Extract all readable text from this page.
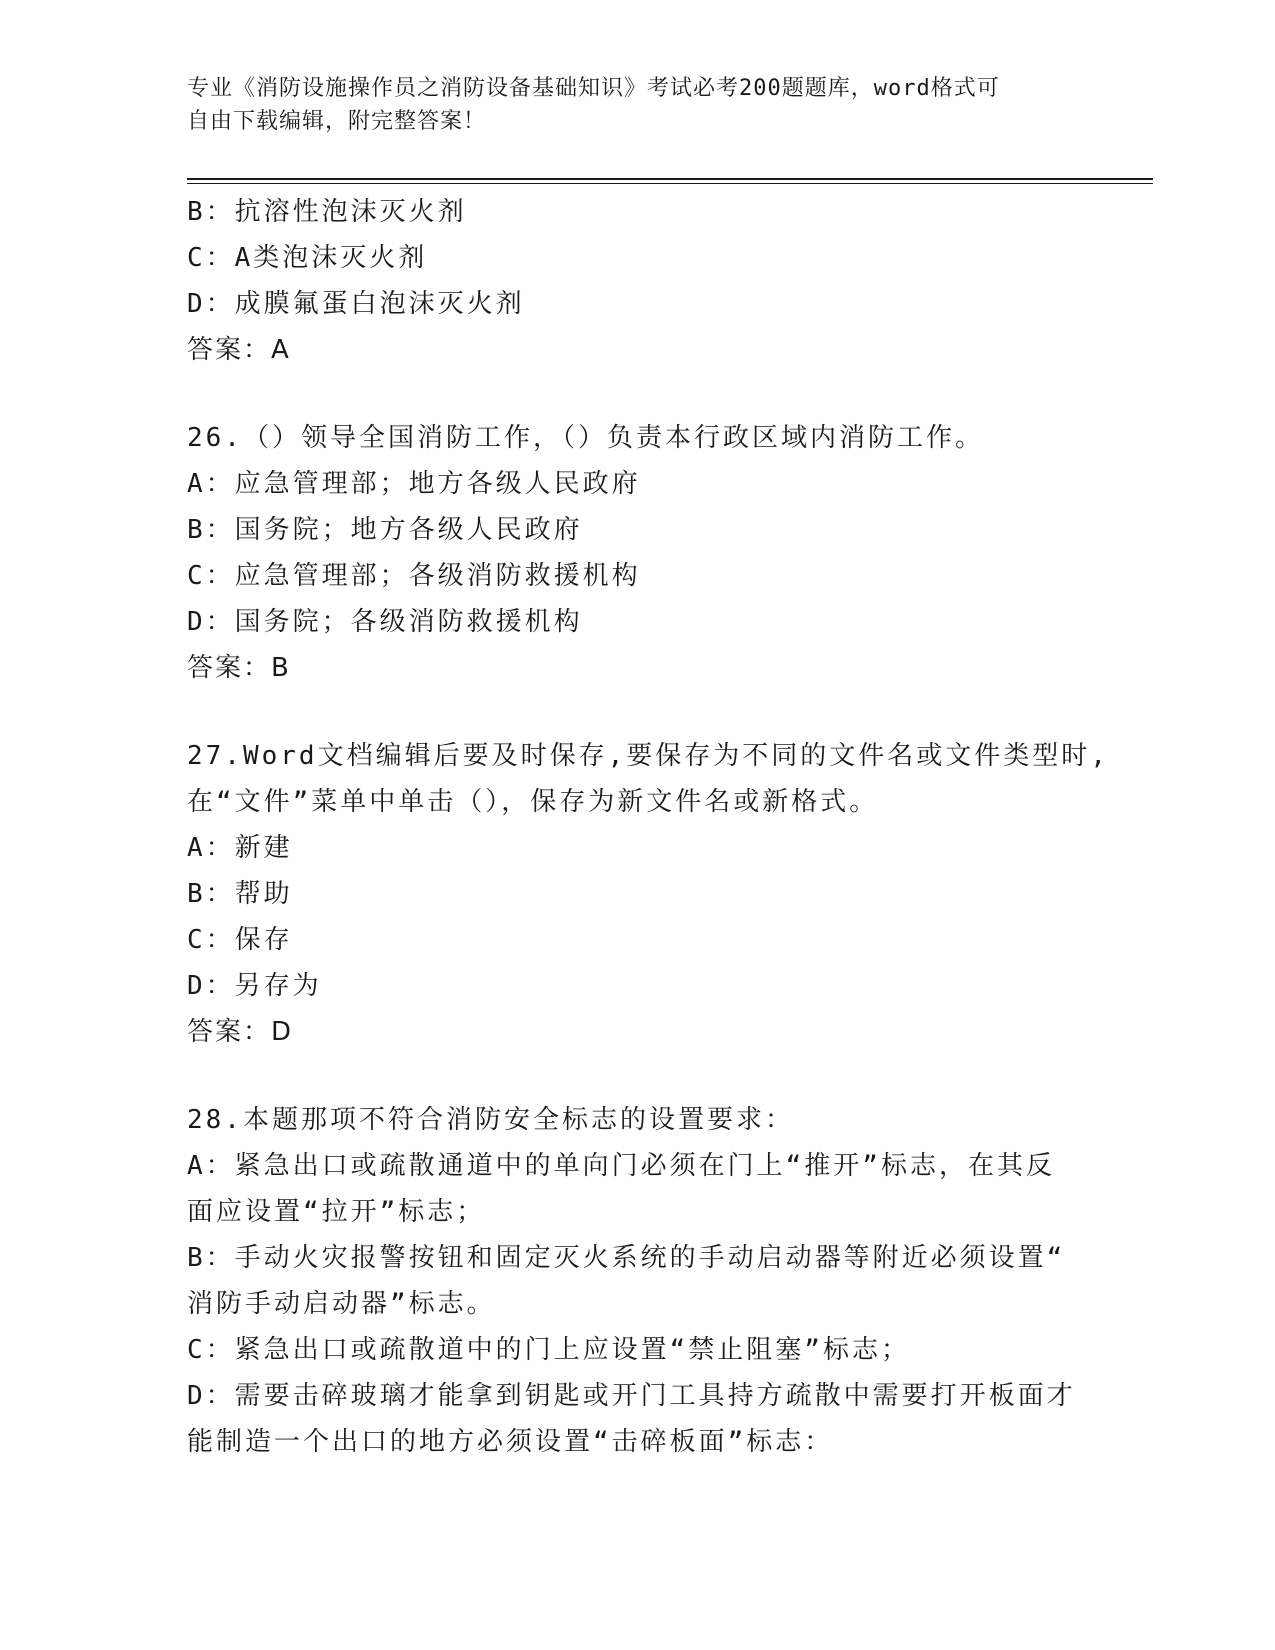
专业《消防设施操作员之消防设备基础知识》考试必考200题题库，word格式可
自由下载编辑，附完整答案！
B：抗溶性泡沫灭火剂
C：A类泡沫灭火剂
D：成膜氟蛋白泡沫灭火剂
答案：A
26.（）领导全国消防工作，（）负责本行政区域内消防工作。
A：应急管理部；地方各级人民政府
B：国务院；地方各级人民政府
C：应急管理部；各级消防救援机构
D：国务院；各级消防救援机构
答案：B
27.Word文档编辑后要及时保存,要保存为不同的文件名或文件类型时,
在“文件”菜单中单击（），保存为新文件名或新格式。
A：新建
B：帮助
C：保存
D：另存为
答案：D
28.本题那项不符合消防安全标志的设置要求：
A：紧急出口或疏散通道中的单向门必须在门上“推开”标志，在其反
面应设置“拉开”标志；
B：手动火灾报警按钮和固定灭火系统的手动启动器等附近必须设置“
消防手动启动器”标志。
C：紧急出口或疏散道中的门上应设置“禁止阻塞”标志；
D：需要击碎玻璃才能拿到钥匙或开门工具持方疏散中需要打开板面才
能制造一个出口的地方必须设置“击碎板面”标志：
